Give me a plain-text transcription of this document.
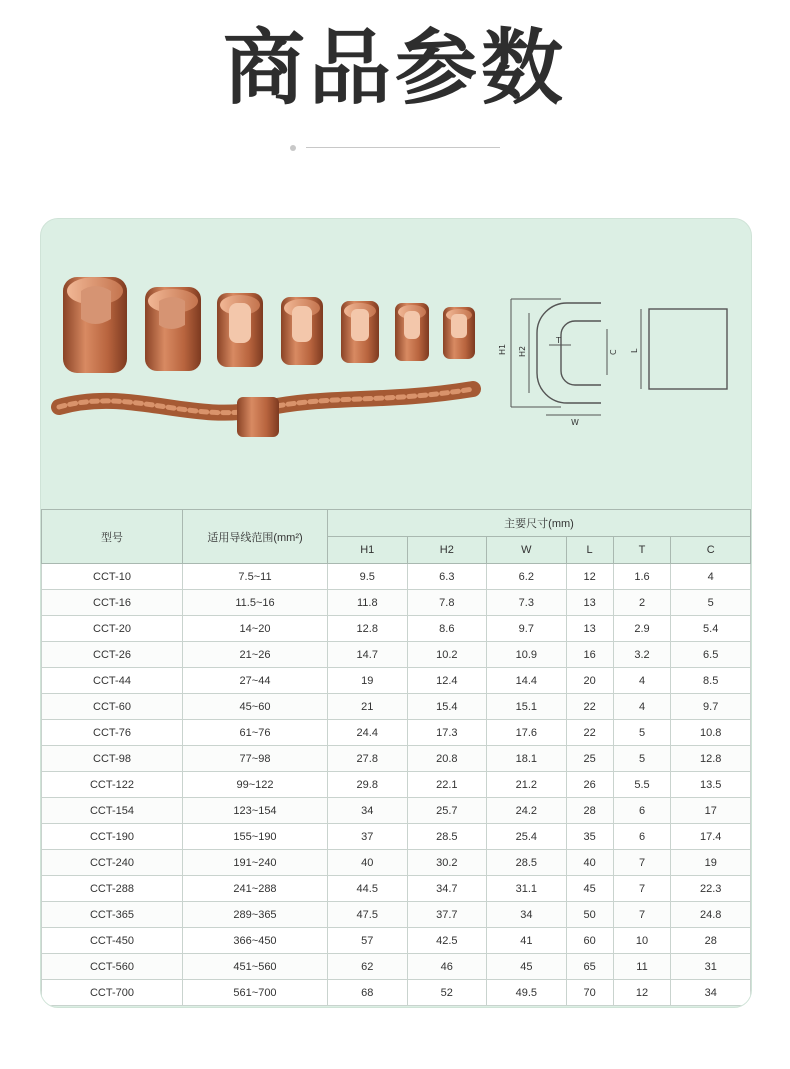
商品参数
H1 H2
T
C
W
L
型号	适用导线范围(mm²)	主要尺寸(mm)					
		H1	H2	W	L	T	C
CCT-10	7.5~11	9.5	6.3	6.2	12	1.6	4
CCT-16	11.5~16	11.8	7.8	7.3	13	2	5
CCT-20	14~20	12.8	8.6	9.7	13	2.9	5.4
CCT-26	21~26	14.7	10.2	10.9	16	3.2	6.5
CCT-44	27~44	19	12.4	14.4	20	4	8.5
CCT-60	45~60	21	15.4	15.1	22	4	9.7
CCT-76	61~76	24.4	17.3	17.6	22	5	10.8
CCT-98	77~98	27.8	20.8	18.1	25	5	12.8
CCT-122	99~122	29.8	22.1	21.2	26	5.5	13.5
CCT-154	123~154	34	25.7	24.2	28	6	17
CCT-190	155~190	37	28.5	25.4	35	6	17.4
CCT-240	191~240	40	30.2	28.5	40	7	19
CCT-288	241~288	44.5	34.7	31.1	45	7	22.3
CCT-365	289~365	47.5	37.7	34	50	7	24.8
CCT-450	366~450	57	42.5	41	60	10	28
CCT-560	451~560	62	46	45	65	11	31
CCT-700	561~700	68	52	49.5	70	12	34
